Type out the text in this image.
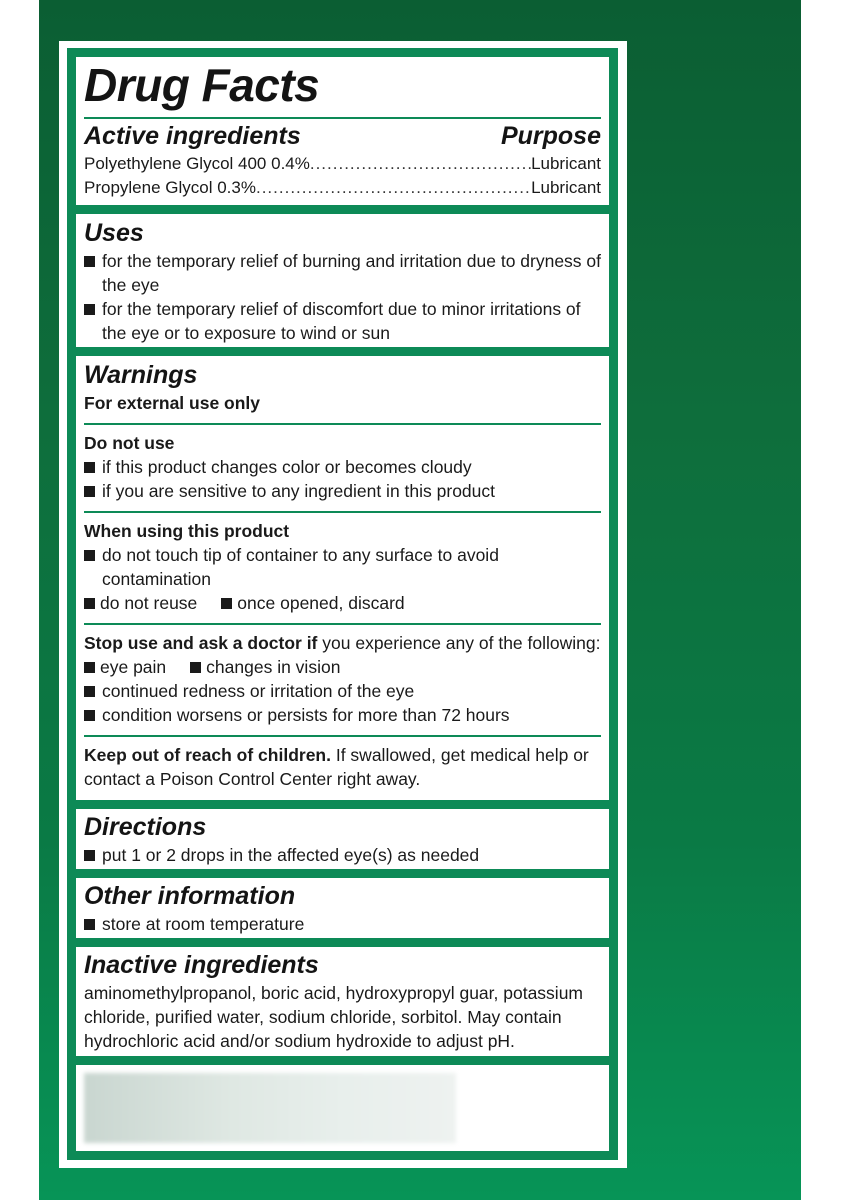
Drug Facts
Active ingredients	Purpose
Polyethylene Glycol 400 0.4% .....	Lubricant
Propylene Glycol 0.3% .....	Lubricant
Uses
for the temporary relief of burning and irritation due to dryness of the eye
for the temporary relief of discomfort due to minor irritations of the eye or to exposure to wind or sun
Warnings
For external use only
Do not use
if this product changes color or becomes cloudy
if you are sensitive to any ingredient in this product
When using this product
do not touch tip of container to any surface to avoid contamination
do not reuse once opened, discard
Stop use and ask a doctor if you experience any of the following:
eye pain changes in vision
continued redness or irritation of the eye
condition worsens or persists for more than 72 hours
Keep out of reach of children. If swallowed, get medical help or contact a Poison Control Center right away.
Directions
put 1 or 2 drops in the affected eye(s) as needed
Other information
store at room temperature
Inactive ingredients
aminomethylpropanol, boric acid, hydroxypropyl guar, potassium chloride, purified water, sodium chloride, sorbitol. May contain hydrochloric acid and/or sodium hydroxide to adjust pH.
